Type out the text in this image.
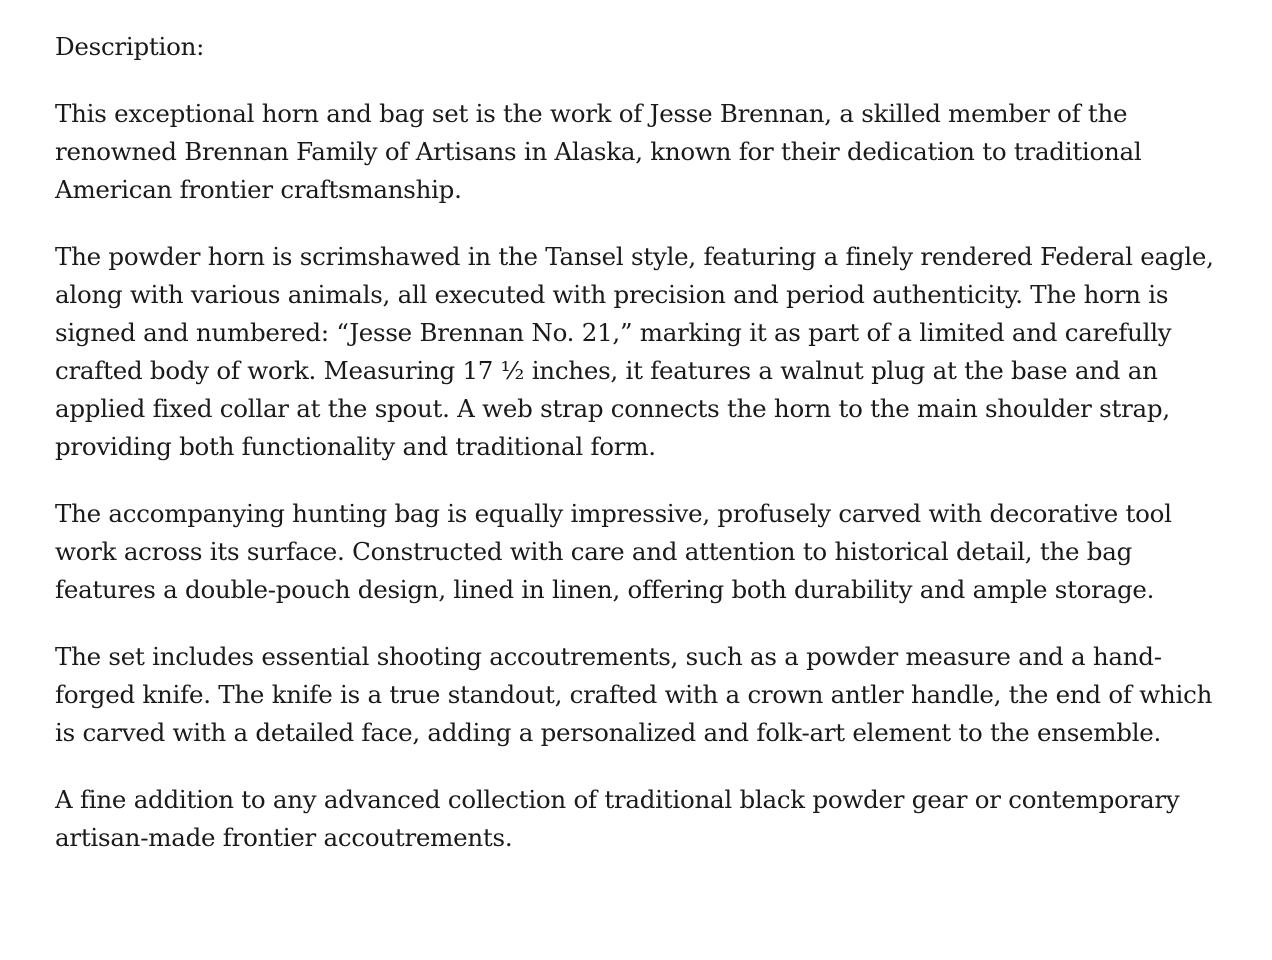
Description:

This exceptional horn and bag set is the work of Jesse Brennan, a skilled member of the renowned Brennan Family of Artisans in Alaska, known for their dedication to traditional American frontier craftsmanship.

The powder horn is scrimshawed in the Tansel style, featuring a finely rendered Federal eagle, along with various animals, all executed with precision and period authenticity. The horn is signed and numbered: “Jesse Brennan No. 21,” marking it as part of a limited and carefully crafted body of work. Measuring 17 ½ inches, it features a walnut plug at the base and an applied fixed collar at the spout. A web strap connects the horn to the main shoulder strap, providing both functionality and traditional form.

The accompanying hunting bag is equally impressive, profusely carved with decorative tool work across its surface. Constructed with care and attention to historical detail, the bag features a double-pouch design, lined in linen, offering both durability and ample storage.

The set includes essential shooting accoutrements, such as a powder measure and a hand-forged knife. The knife is a true standout, crafted with a crown antler handle, the end of which is carved with a detailed face, adding a personalized and folk-art element to the ensemble.

A fine addition to any advanced collection of traditional black powder gear or contemporary artisan-made frontier accoutrements.
